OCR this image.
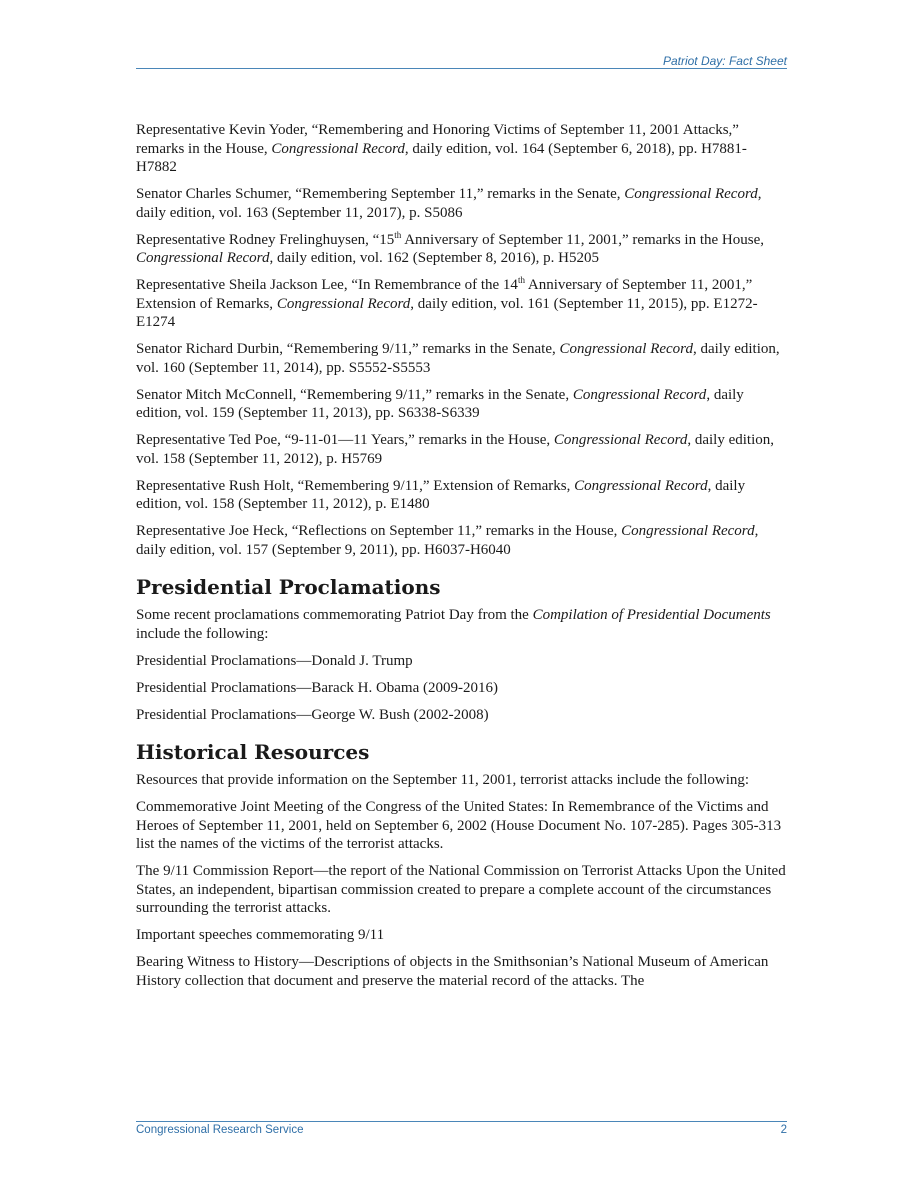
Patriot Day: Fact Sheet

Representative Kevin Yoder, “Remembering and Honoring Victims of September 11, 2001 Attacks,” remarks in the House, Congressional Record, daily edition, vol. 164 (September 6, 2018), pp. H7881-H7882

Senator Charles Schumer, “Remembering September 11,” remarks in the Senate, Congressional Record, daily edition, vol. 163 (September 11, 2017), p. S5086

Representative Rodney Frelinghuysen, “15th Anniversary of September 11, 2001,” remarks in the House, Congressional Record, daily edition, vol. 162 (September 8, 2016), p. H5205

Representative Sheila Jackson Lee, “In Remembrance of the 14th Anniversary of September 11, 2001,” Extension of Remarks, Congressional Record, daily edition, vol. 161 (September 11, 2015), pp. E1272-E1274

Senator Richard Durbin, “Remembering 9/11,” remarks in the Senate, Congressional Record, daily edition, vol. 160 (September 11, 2014), pp. S5552-S5553

Senator Mitch McConnell, “Remembering 9/11,” remarks in the Senate, Congressional Record, daily edition, vol. 159 (September 11, 2013), pp. S6338-S6339

Representative Ted Poe, “9-11-01—11 Years,” remarks in the House, Congressional Record, daily edition, vol. 158 (September 11, 2012), p. H5769

Representative Rush Holt, “Remembering 9/11,” Extension of Remarks, Congressional Record, daily edition, vol. 158 (September 11, 2012), p. E1480

Representative Joe Heck, “Reflections on September 11,” remarks in the House, Congressional Record, daily edition, vol. 157 (September 9, 2011), pp. H6037-H6040

Presidential Proclamations

Some recent proclamations commemorating Patriot Day from the Compilation of Presidential Documents include the following:

Presidential Proclamations—Donald J. Trump

Presidential Proclamations—Barack H. Obama (2009-2016)

Presidential Proclamations—George W. Bush (2002-2008)

Historical Resources

Resources that provide information on the September 11, 2001, terrorist attacks include the following:

Commemorative Joint Meeting of the Congress of the United States: In Remembrance of the Victims and Heroes of September 11, 2001, held on September 6, 2002 (House Document No. 107-285). Pages 305-313 list the names of the victims of the terrorist attacks.

The 9/11 Commission Report—the report of the National Commission on Terrorist Attacks Upon the United States, an independent, bipartisan commission created to prepare a complete account of the circumstances surrounding the terrorist attacks.

Important speeches commemorating 9/11

Bearing Witness to History—Descriptions of objects in the Smithsonian’s National Museum of American History collection that document and preserve the material record of the attacks. The

Congressional Research Service	2
